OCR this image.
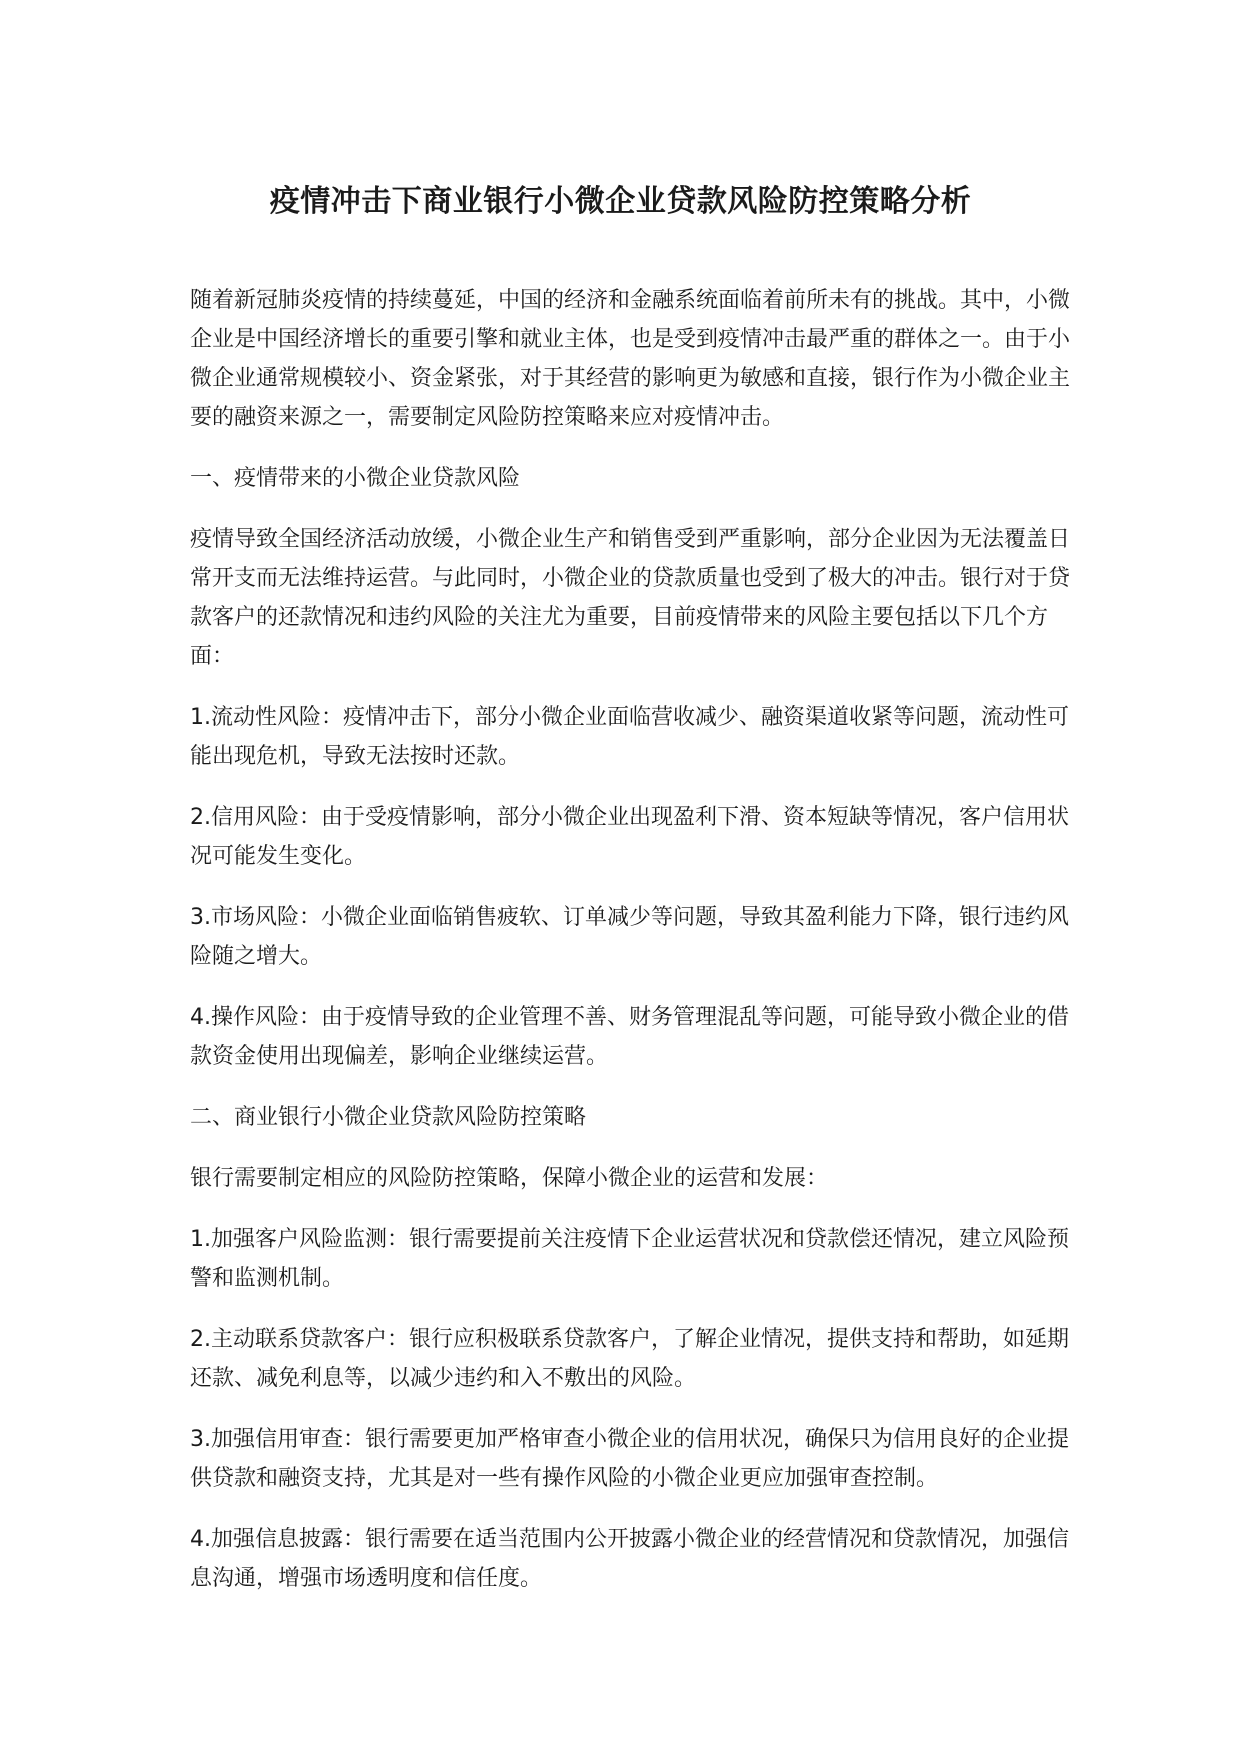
疫情冲击下商业银行小微企业贷款风险防控策略分析

随着新冠肺炎疫情的持续蔓延，中国的经济和金融系统面临着前所未有的挑战。其中，小微企业是中国经济增长的重要引擎和就业主体，也是受到疫情冲击最严重的群体之一。由于小微企业通常规模较小、资金紧张，对于其经营的影响更为敏感和直接，银行作为小微企业主要的融资来源之一，需要制定风险防控策略来应对疫情冲击。

一、疫情带来的小微企业贷款风险

疫情导致全国经济活动放缓，小微企业生产和销售受到严重影响，部分企业因为无法覆盖日常开支而无法维持运营。与此同时，小微企业的贷款质量也受到了极大的冲击。银行对于贷款客户的还款情况和违约风险的关注尤为重要，目前疫情带来的风险主要包括以下几个方面：

1.流动性风险：疫情冲击下，部分小微企业面临营收减少、融资渠道收紧等问题，流动性可能出现危机，导致无法按时还款。

2.信用风险：由于受疫情影响，部分小微企业出现盈利下滑、资本短缺等情况，客户信用状况可能发生变化。

3.市场风险：小微企业面临销售疲软、订单减少等问题，导致其盈利能力下降，银行违约风险随之增大。

4.操作风险：由于疫情导致的企业管理不善、财务管理混乱等问题，可能导致小微企业的借款资金使用出现偏差，影响企业继续运营。

二、商业银行小微企业贷款风险防控策略

银行需要制定相应的风险防控策略，保障小微企业的运营和发展：

1.加强客户风险监测：银行需要提前关注疫情下企业运营状况和贷款偿还情况，建立风险预警和监测机制。

2.主动联系贷款客户：银行应积极联系贷款客户，了解企业情况，提供支持和帮助，如延期还款、减免利息等，以减少违约和入不敷出的风险。

3.加强信用审查：银行需要更加严格审查小微企业的信用状况，确保只为信用良好的企业提供贷款和融资支持，尤其是对一些有操作风险的小微企业更应加强审查控制。

4.加强信息披露：银行需要在适当范围内公开披露小微企业的经营情况和贷款情况，加强信息沟通，增强市场透明度和信任度。
